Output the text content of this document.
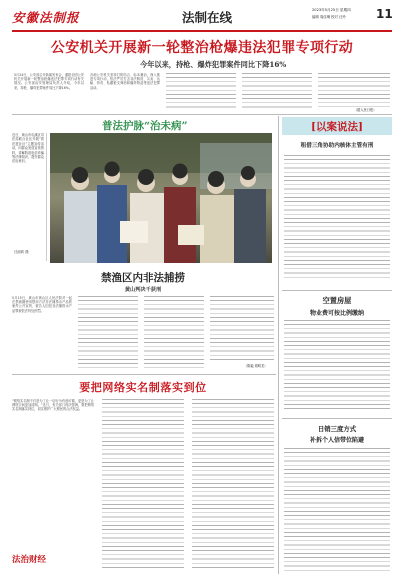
安徽法制报	法制在线	2023年5月25日 星期四
编辑 周佳琳 校对 汪玲	11
公安机关开展新一轮整治枪爆违法犯罪专项行动
今年以来，持枪、爆炸犯罪案件同比下降16%
5月24日，公安部召开新闻发布会，通报全国公安机关开展新一轮整治枪爆违法犯罪专项行动有关情况。公安部治安管理局负责人介绍，今年以来，持枪、爆炸犯罪案件同比下降16%。
各地公安机关坚持打防结合、标本兼治，深入推进专项行动，依法严厉打击非法制造、买卖、运输、持有、私藏枪支弹药和爆炸物品等违法犯罪活动。
（据人民日报）
普法护脉“治未病”
近日，黄山市屯溪区司法局联合社区开展“普法进社区”主题宣传活动，向群众发放宣传资料，讲解防范电信诈骗等法律知识，提升群众法治意识。
汪丽莉 摄
禁渔区内非法捕捞
黄山判决千获刑
5月15日，黄山市黄山区人民法院对一起在禁渔期使用禁用方法非法捕捞水产品的案件公开宣判，被告人因犯非法捕捞水产品罪被依法判处刑罚。
（陈毅 胡明龙）
要把网络实名制落实到位
“网络实名制不仅是为了让一切行为有迹可循，更是为了让网络空间更加清朗。”近日，有关部门再次强调，要把网络实名制落实到位，切实维护广大网民的合法权益。
法治财经
[以案说法]
租借三角协助内核体主管有刑
空置房屋
物业费可按比例缴纳
日销三度方式
补拆个人信带位陷避
